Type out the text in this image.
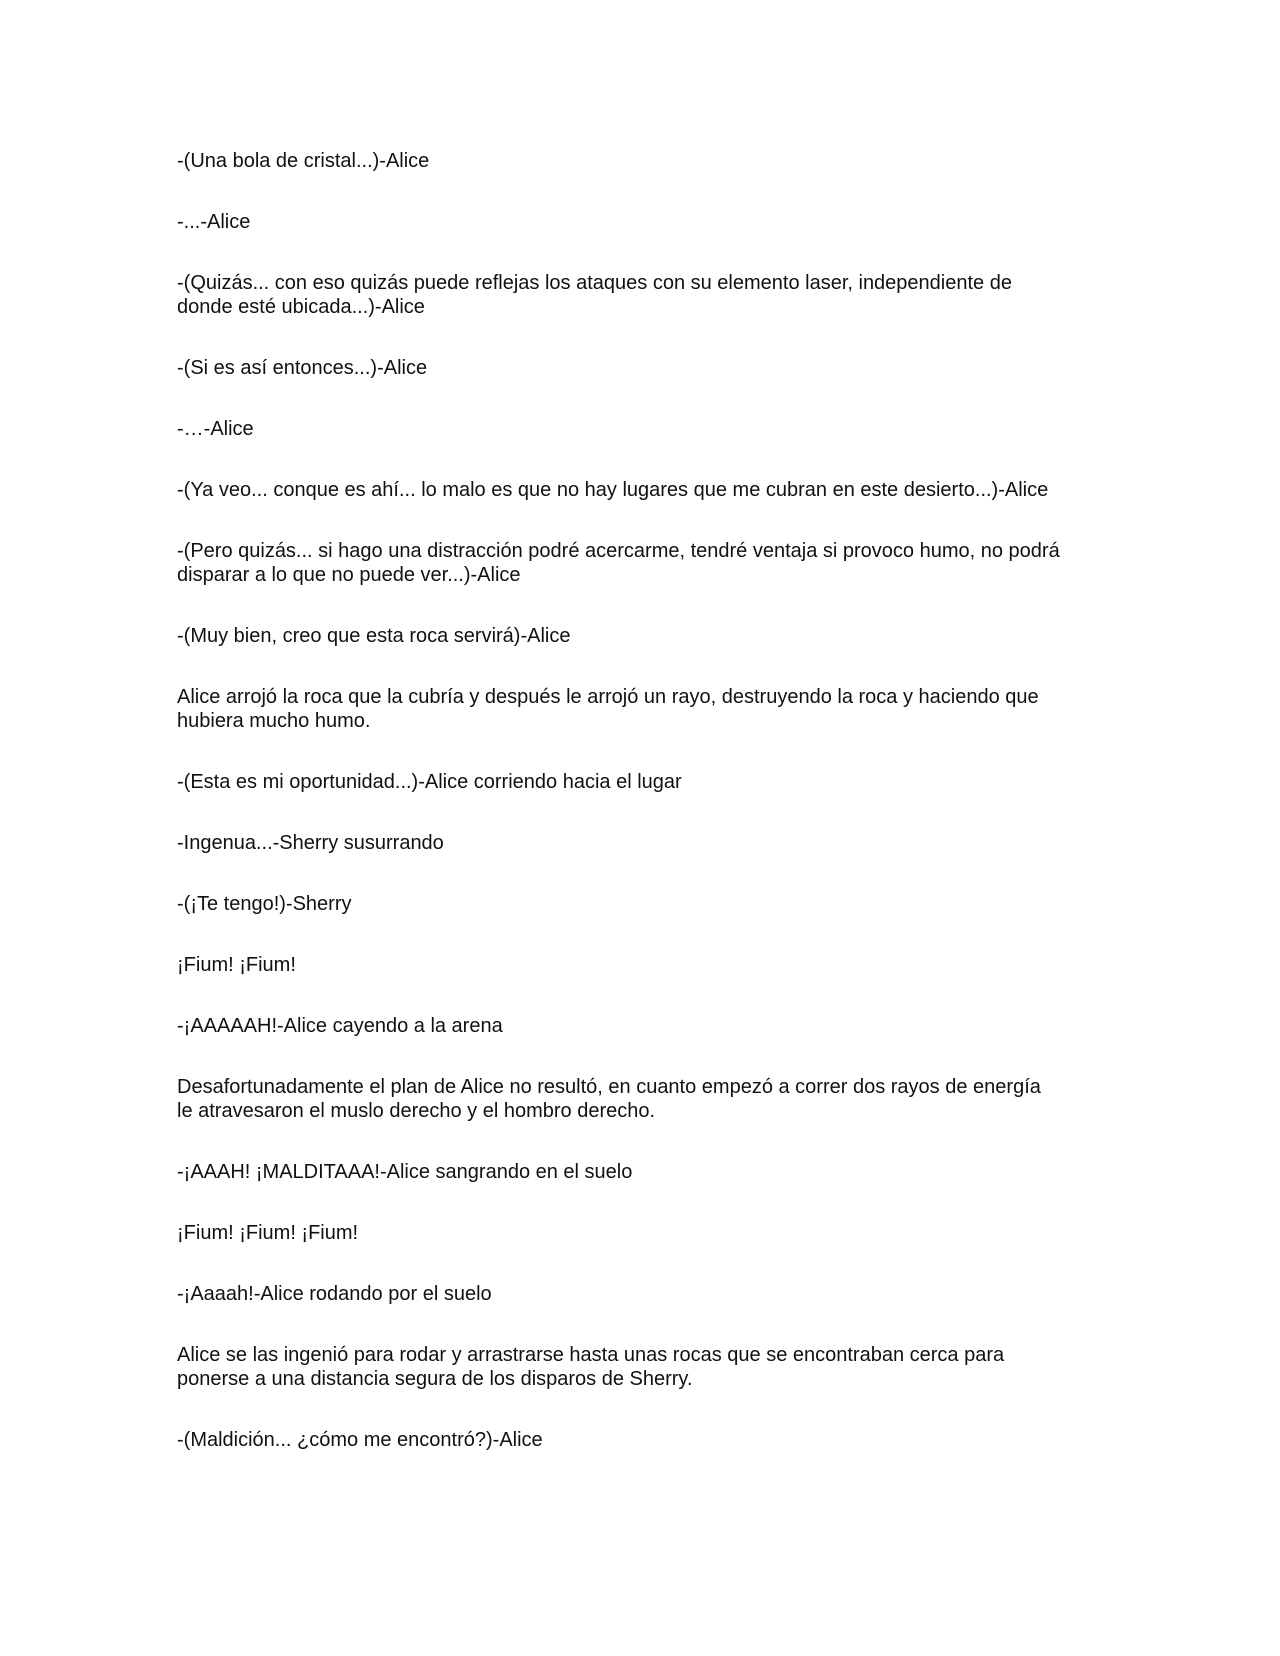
-(Una bola de cristal...)-Alice

-...-Alice

-(Quizás... con eso quizás puede reflejas los ataques con su elemento laser, independiente de
donde esté ubicada...)-Alice

-(Si es así entonces...)-Alice

-…-Alice

-(Ya veo... conque es ahí... lo malo es que no hay lugares que me cubran en este desierto...)-Alice

-(Pero quizás... si hago una distracción podré acercarme, tendré ventaja si provoco humo, no podrá
disparar a lo que no puede ver...)-Alice

-(Muy bien, creo que esta roca servirá)-Alice

Alice arrojó la roca que la cubría y después le arrojó un rayo, destruyendo la roca y haciendo que
hubiera mucho humo.

-(Esta es mi oportunidad...)-Alice corriendo hacia el lugar

-Ingenua...-Sherry susurrando

-(¡Te tengo!)-Sherry

¡Fium! ¡Fium!

-¡AAAAAH!-Alice cayendo a la arena

Desafortunadamente el plan de Alice no resultó, en cuanto empezó a correr dos rayos de energía
le atravesaron el muslo derecho y el hombro derecho.

-¡AAAH! ¡MALDITAAA!-Alice sangrando en el suelo

¡Fium! ¡Fium! ¡Fium!

-¡Aaaah!-Alice rodando por el suelo

Alice se las ingenió para rodar y arrastrarse hasta unas rocas que se encontraban cerca para
ponerse a una distancia segura de los disparos de Sherry.

-(Maldición... ¿cómo me encontró?)-Alice
